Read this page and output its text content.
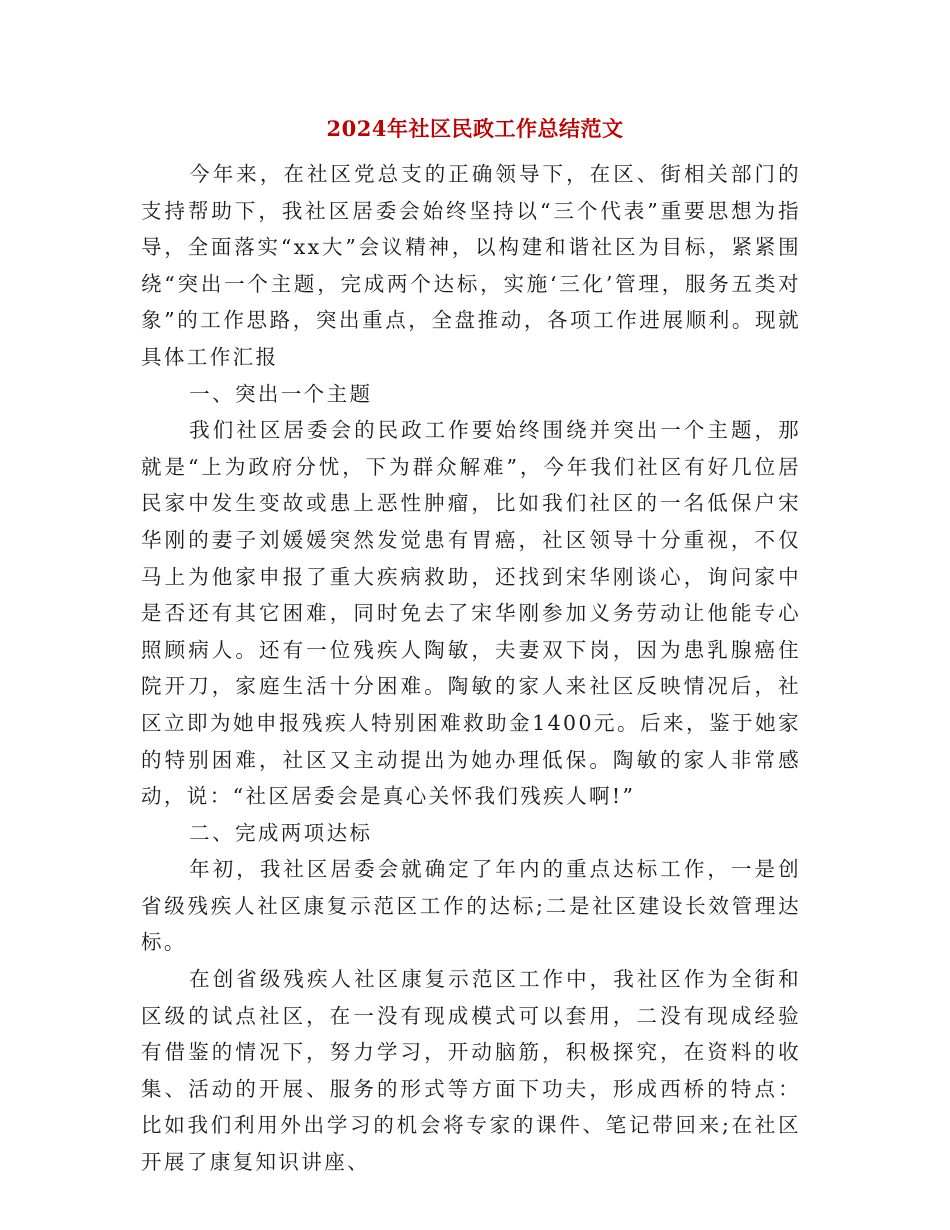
2024年社区民政工作总结范文

今年来，在社区党总支的正确领导下，在区、街相关部门的支持帮助下，我社区居委会始终坚持以“三个代表”重要思想为指导，全面落实“xx大”会议精神，以构建和谐社区为目标，紧紧围绕“突出一个主题，完成两个达标，实施‘三化’管理，服务五类对象”的工作思路，突出重点，全盘推动，各项工作进展顺利。现就具体工作汇报

一、突出一个主题

我们社区居委会的民政工作要始终围绕并突出一个主题，那就是“上为政府分忧，下为群众解难”，今年我们社区有好几位居民家中发生变故或患上恶性肿瘤，比如我们社区的一名低保户宋华刚的妻子刘媛媛突然发觉患有胃癌，社区领导十分重视，不仅马上为他家申报了重大疾病救助，还找到宋华刚谈心，询问家中是否还有其它困难，同时免去了宋华刚参加义务劳动让他能专心照顾病人。还有一位残疾人陶敏，夫妻双下岗，因为患乳腺癌住院开刀，家庭生活十分困难。陶敏的家人来社区反映情况后，社区立即为她申报残疾人特别困难救助金1400元。后来，鉴于她家的特别困难，社区又主动提出为她办理低保。陶敏的家人非常感动，说：“社区居委会是真心关怀我们残疾人啊!”

二、完成两项达标

年初，我社区居委会就确定了年内的重点达标工作，一是创省级残疾人社区康复示范区工作的达标;二是社区建设长效管理达标。

在创省级残疾人社区康复示范区工作中，我社区作为全街和区级的试点社区，在一没有现成模式可以套用，二没有现成经验有借鉴的情况下，努力学习，开动脑筋，积极探究，在资料的收集、活动的开展、服务的形式等方面下功夫，形成西桥的特点：比如我们利用外出学习的机会将专家的课件、笔记带回来;在社区开展了康复知识讲座、
